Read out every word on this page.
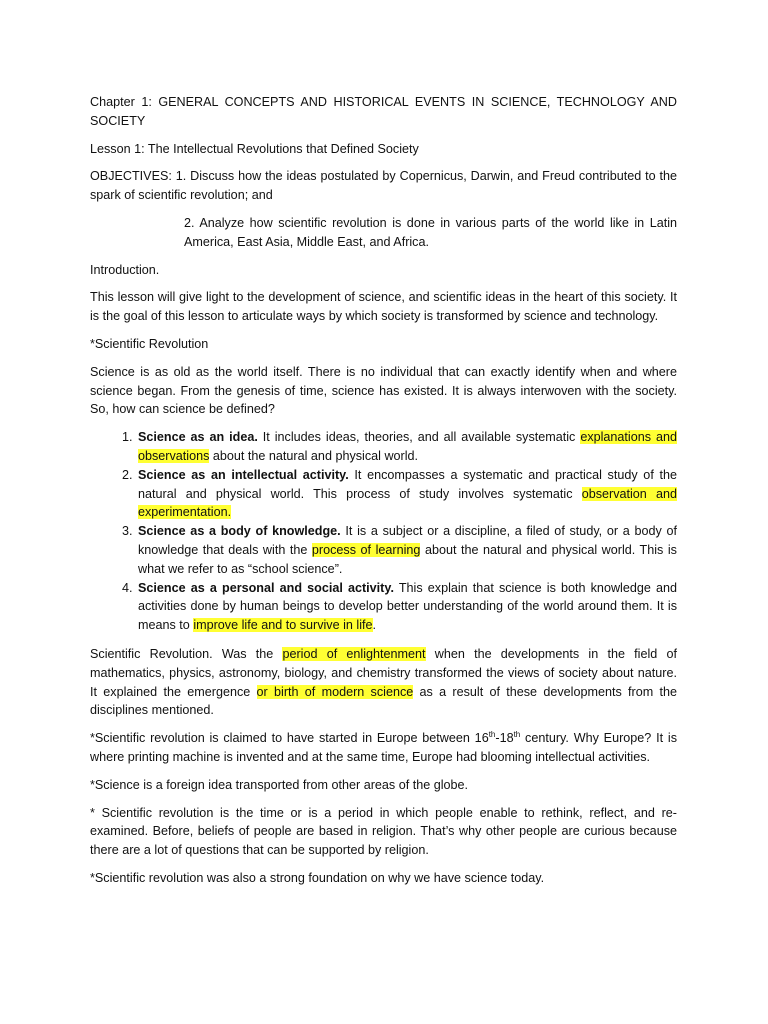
Chapter 1: GENERAL CONCEPTS AND HISTORICAL EVENTS IN SCIENCE, TECHNOLOGY AND SOCIETY

Lesson 1: The Intellectual Revolutions that Defined Society

OBJECTIVES: 1. Discuss how the ideas postulated by Copernicus, Darwin, and Freud contributed to the spark of scientific revolution; and

2. Analyze how scientific revolution is done in various parts of the world like in Latin America, East Asia, Middle East, and Africa.

Introduction.

This lesson will give light to the development of science, and scientific ideas in the heart of this society. It is the goal of this lesson to articulate ways by which society is transformed by science and technology.

*Scientific Revolution

Science is as old as the world itself. There is no individual that can exactly identify when and where science began. From the genesis of time, science has existed. It is always interwoven with the society. So, how can science be defined?

1. Science as an idea. It includes ideas, theories, and all available systematic explanations and observations about the natural and physical world.
2. Science as an intellectual activity. It encompasses a systematic and practical study of the natural and physical world. This process of study involves systematic observation and experimentation.
3. Science as a body of knowledge. It is a subject or a discipline, a filed of study, or a body of knowledge that deals with the process of learning about the natural and physical world. This is what we refer to as “school science”.
4. Science as a personal and social activity. This explain that science is both knowledge and activities done by human beings to develop better understanding of the world around them. It is means to improve life and to survive in life.

Scientific Revolution. Was the period of enlightenment when the developments in the field of mathematics, physics, astronomy, biology, and chemistry transformed the views of society about nature. It explained the emergence or birth of modern science as a result of these developments from the disciplines mentioned.

*Scientific revolution is claimed to have started in Europe between 16th-18th century. Why Europe? It is where printing machine is invented and at the same time, Europe had blooming intellectual activities.

*Science is a foreign idea transported from other areas of the globe.

* Scientific revolution is the time or is a period in which people enable to rethink, reflect, and re-examined. Before, beliefs of people are based in religion. That’s why other people are curious because there are a lot of questions that can be supported by religion.

*Scientific revolution was also a strong foundation on why we have science today.
